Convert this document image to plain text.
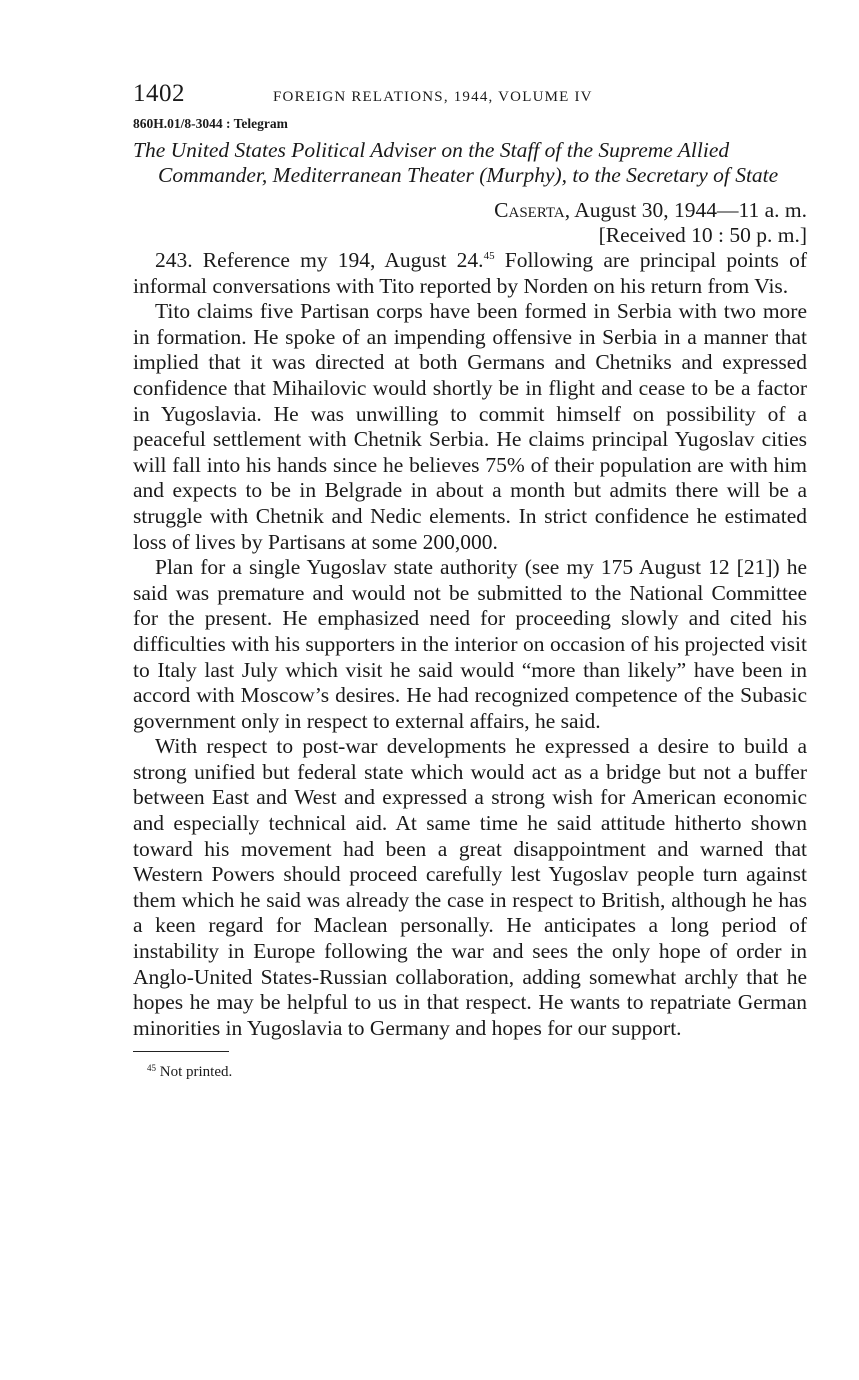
1402	FOREIGN RELATIONS, 1944, VOLUME IV
860H.01/8-3044 : Telegram

The United States Political Adviser on the Staff of the Supreme Allied Commander, Mediterranean Theater (Murphy), to the Secretary of State

Caserta, August 30, 1944—11 a. m.
[Received 10 : 50 p. m.]

243. Reference my 194, August 24.45 Following are principal points of informal conversations with Tito reported by Norden on his return from Vis.

Tito claims five Partisan corps have been formed in Serbia with two more in formation. He spoke of an impending offensive in Serbia in a manner that implied that it was directed at both Germans and Chetniks and expressed confidence that Mihailovic would shortly be in flight and cease to be a factor in Yugoslavia. He was unwilling to commit himself on possibility of a peaceful settlement with Chetnik Serbia. He claims principal Yugoslav cities will fall into his hands since he believes 75% of their population are with him and expects to be in Belgrade in about a month but admits there will be a struggle with Chetnik and Nedic elements. In strict confidence he estimated loss of lives by Partisans at some 200,000.

Plan for a single Yugoslav state authority (see my 175 August 12 [21]) he said was premature and would not be submitted to the National Committee for the present. He emphasized need for proceeding slowly and cited his difficulties with his supporters in the interior on occasion of his projected visit to Italy last July which visit he said would “more than likely” have been in accord with Moscow’s desires. He had recognized competence of the Subasic government only in respect to external affairs, he said.

With respect to post-war developments he expressed a desire to build a strong unified but federal state which would act as a bridge but not a buffer between East and West and expressed a strong wish for American economic and especially technical aid. At same time he said attitude hitherto shown toward his movement had been a great disappointment and warned that Western Powers should proceed carefully lest Yugoslav people turn against them which he said was already the case in respect to British, although he has a keen regard for Maclean personally. He anticipates a long period of instability in Europe following the war and sees the only hope of order in Anglo-United States-Russian collaboration, adding somewhat archly that he hopes he may be helpful to us in that respect. He wants to repatriate German minorities in Yugoslavia to Germany and hopes for our support.

$^{45}$ Not printed.
